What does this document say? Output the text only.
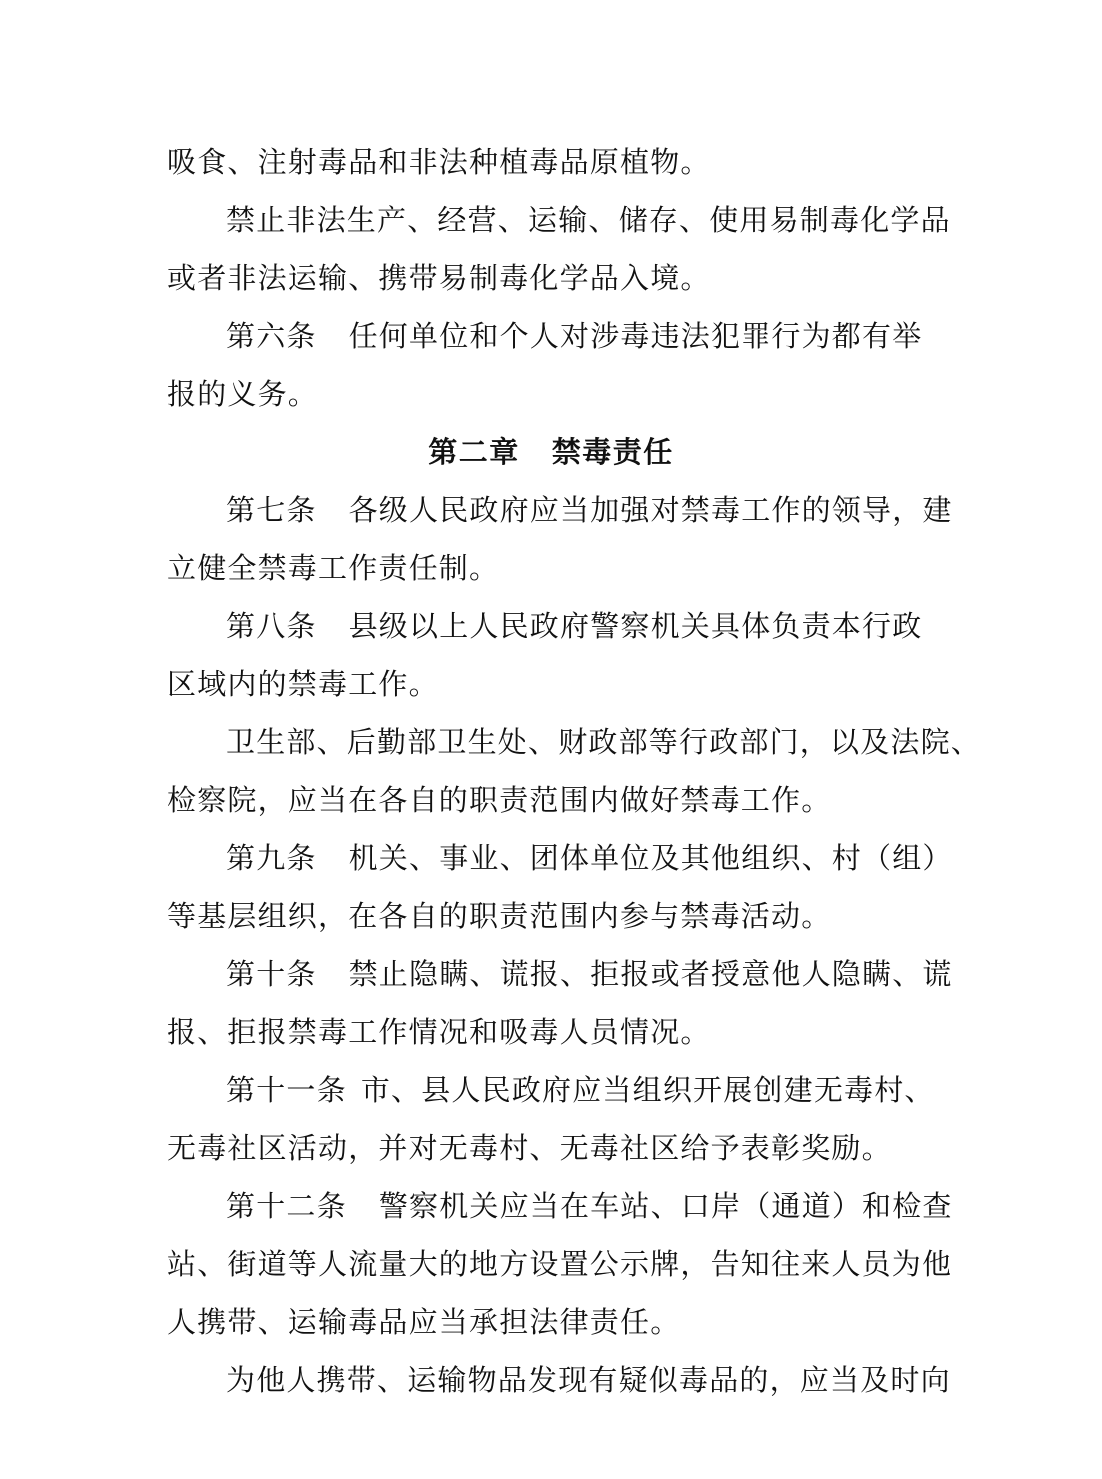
吸食、注射毒品和非法种植毒品原植物。
禁止非法生产、经营、运输、储存、使用易制毒化学品
或者非法运输、携带易制毒化学品入境。
第六条 任何单位和个人对涉毒违法犯罪行为都有举
报的义务。
第二章 禁毒责任
第七条 各级人民政府应当加强对禁毒工作的领导，建
立健全禁毒工作责任制。
第八条 县级以上人民政府警察机关具体负责本行政
区域内的禁毒工作。
卫生部、后勤部卫生处、财政部等行政部门，以及法院、
检察院，应当在各自的职责范围内做好禁毒工作。
第九条 机关、事业、团体单位及其他组织、村（组）
等基层组织，在各自的职责范围内参与禁毒活动。
第十条 禁止隐瞒、谎报、拒报或者授意他人隐瞒、谎
报、拒报禁毒工作情况和吸毒人员情况。
第十一条 市、县人民政府应当组织开展创建无毒村、
无毒社区活动，并对无毒村、无毒社区给予表彰奖励。
第十二条 警察机关应当在车站、口岸（通道）和检查
站、街道等人流量大的地方设置公示牌，告知往来人员为他
人携带、运输毒品应当承担法律责任。
为他人携带、运输物品发现有疑似毒品的，应当及时向
